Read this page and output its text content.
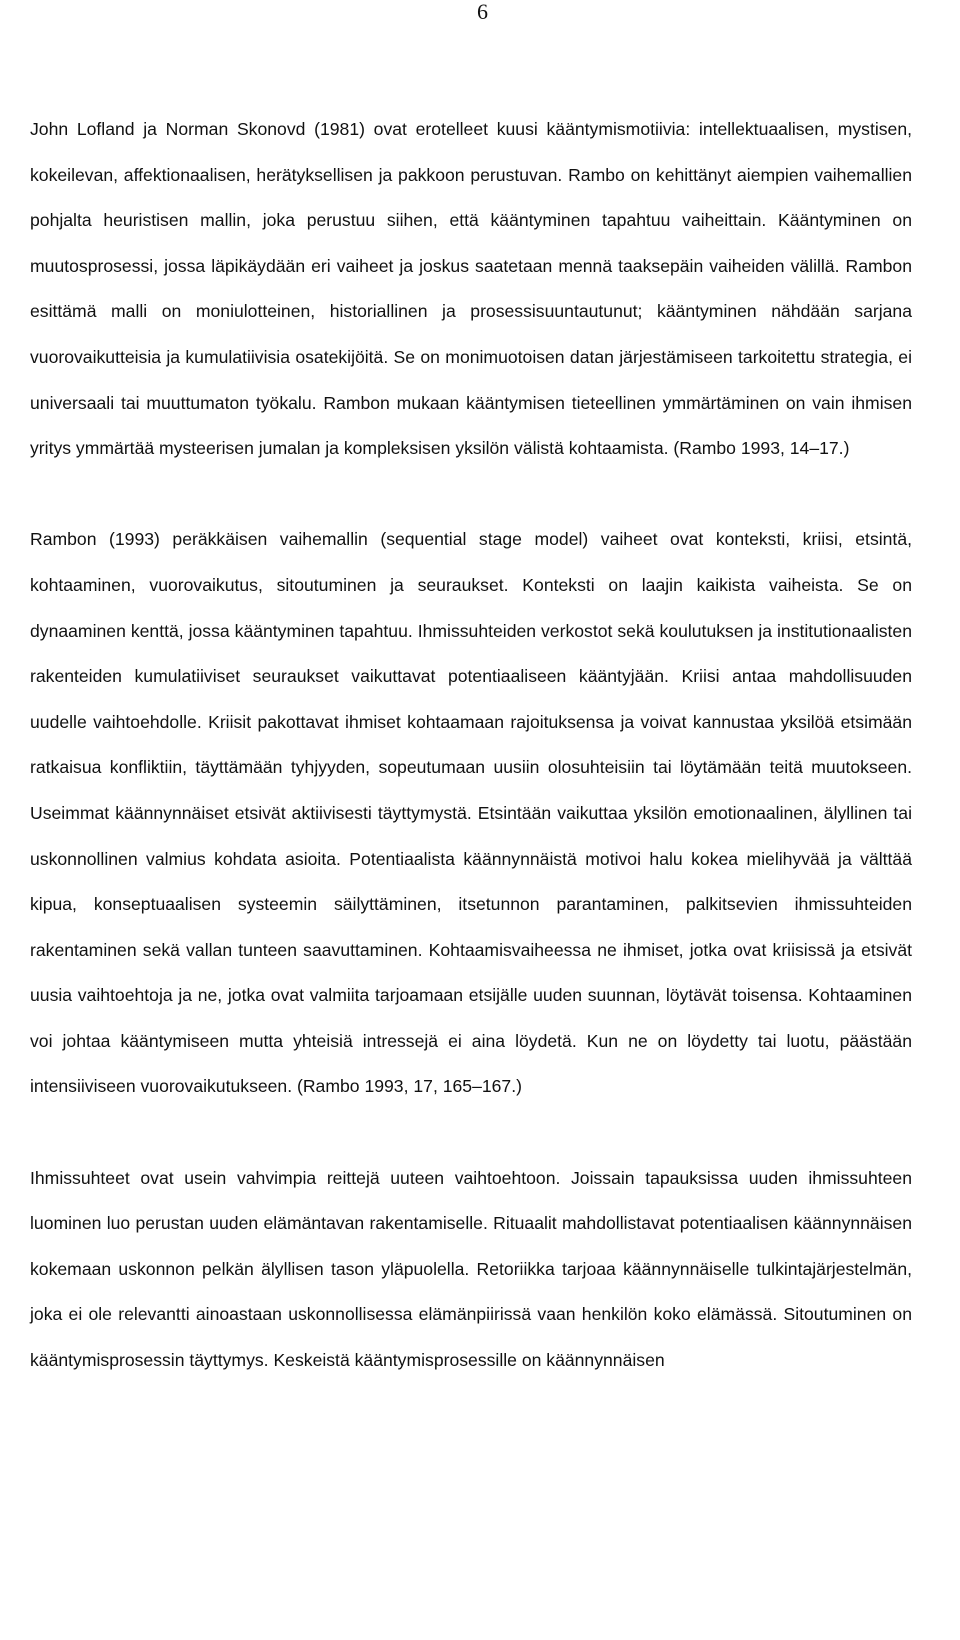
6

John Lofland ja Norman Skonovd (1981) ovat erotelleet kuusi kääntymismotiivia: intellektuaalisen, mystisen, kokeilevan, affektionaalisen, herätyksellisen ja pakkoon perustuvan. Rambo on kehittänyt aiempien vaihemallien pohjalta heuristisen mallin, joka perustuu siihen, että kääntyminen tapahtuu vaiheittain. Kääntyminen on muutosprosessi, jossa läpikäydään eri vaiheet ja joskus saatetaan mennä taaksepäin vaiheiden välillä. Rambon esittämä malli on moniulotteinen, historiallinen ja prosessisuuntautunut; kääntyminen nähdään sarjana vuorovaikutteisia ja kumulatiivisia osatekijöitä. Se on monimuotoisen datan järjestämiseen tarkoitettu strategia, ei universaali tai muuttumaton työkalu. Rambon mukaan kääntymisen tieteellinen ymmärtäminen on vain ihmisen yritys ymmärtää mysteerisen jumalan ja kompleksisen yksilön välistä kohtaamista. (Rambo 1993, 14–17.)

Rambon (1993) peräkkäisen vaihemallin (sequential stage model) vaiheet ovat konteksti, kriisi, etsintä, kohtaaminen, vuorovaikutus, sitoutuminen ja seuraukset. Konteksti on laajin kaikista vaiheista. Se on dynaaminen kenttä, jossa kääntyminen tapahtuu. Ihmissuhteiden verkostot sekä koulutuksen ja institutionaalisten rakenteiden kumulatiiviset seuraukset vaikuttavat potentiaaliseen kääntyjään. Kriisi antaa mahdollisuuden uudelle vaihtoehdolle. Kriisit pakottavat ihmiset kohtaamaan rajoituksensa ja voivat kannustaa yksilöä etsimään ratkaisua konfliktiin, täyttämään tyhjyyden, sopeutumaan uusiin olosuhteisiin tai löytämään teitä muutokseen. Useimmat käännynnäiset etsivät aktiivisesti täyttymystä. Etsintään vaikuttaa yksilön emotionaalinen, älyllinen tai uskonnollinen valmius kohdata asioita. Potentiaalista käännynnäistä motivoi halu kokea mielihyvää ja välttää kipua, konseptuaalisen systeemin säilyttäminen, itsetunnon parantaminen, palkitsevien ihmissuhteiden rakentaminen sekä vallan tunteen saavuttaminen. Kohtaamisvaiheessa ne ihmiset, jotka ovat kriisissä ja etsivät uusia vaihtoehtoja ja ne, jotka ovat valmiita tarjoamaan etsijälle uuden suunnan, löytävät toisensa. Kohtaaminen voi johtaa kääntymiseen mutta yhteisiä intressejä ei aina löydetä. Kun ne on löydetty tai luotu, päästään intensiiviseen vuorovaikutukseen. (Rambo 1993, 17, 165–167.)

Ihmissuhteet ovat usein vahvimpia reittejä uuteen vaihtoehtoon. Joissain tapauksissa uuden ihmissuhteen luominen luo perustan uuden elämäntavan rakentamiselle. Rituaalit mahdollistavat potentiaalisen käännynnäisen kokemaan uskonnon pelkän älyllisen tason yläpuolella. Retoriikka tarjoaa käännynnäiselle tulkintajärjestelmän, joka ei ole relevantti ainoastaan uskonnollisessa elämänpiirissä vaan henkilön koko elämässä. Sitoutuminen on kääntymisprosessin täyttymys. Keskeistä kääntymisprosessille on käännynnäisen
